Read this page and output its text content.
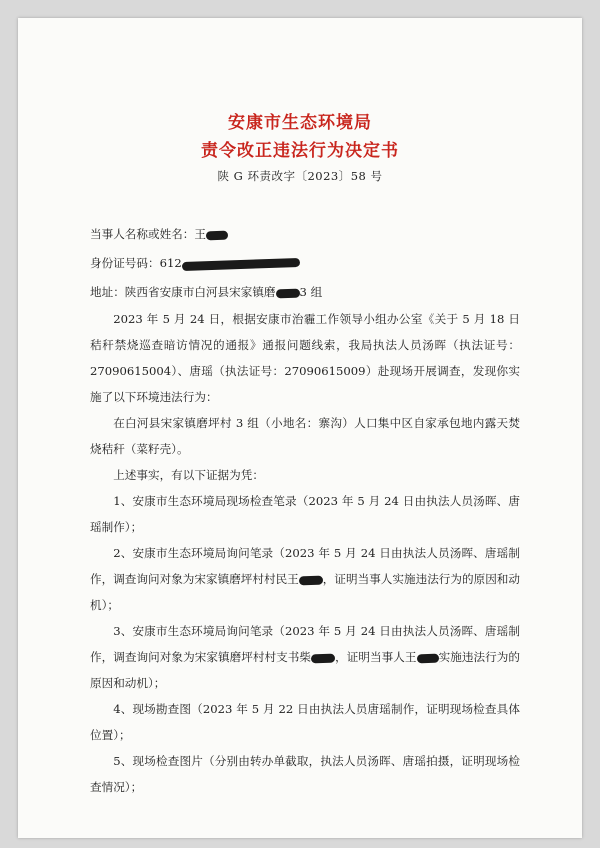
安康市生态环境局
责令改正违法行为决定书
陕 G 环责改字〔2023〕58 号
当事人名称或姓名：王
身份证号码：612
地址：陕西省安康市白河县宋家镇磨 3 组
2023 年 5 月 24 日，根据安康市治霾工作领导小组办公室《关于 5 月 18 日秸秆禁烧巡查暗访情况的通报》通报问题线索，我局执法人员汤晖（执法证号：27090615004）、唐瑶（执法证号：27090615009）赴现场开展调查，发现你实施了以下环境违法行为：
在白河县宋家镇磨坪村 3 组（小地名：寨沟）人口集中区自家承包地内露天焚烧秸秆（菜籽壳）。
上述事实，有以下证据为凭：
1、安康市生态环境局现场检查笔录（2023 年 5 月 24 日由执法人员汤晖、唐瑶制作）；
2、安康市生态环境局询问笔录（2023 年 5 月 24 日由执法人员汤晖、唐瑶制作，调查询问对象为宋家镇磨坪村村民王 ，证明当事人实施违法行为的原因和动机）；
3、安康市生态环境局询问笔录（2023 年 5 月 24 日由执法人员汤晖、唐瑶制作，调查询问对象为宋家镇磨坪村村支书柴 ，证明当事人王 实施违法行为的原因和动机）；
4、现场勘查图（2023 年 5 月 22 日由执法人员唐瑶制作，证明现场检查具体位置）；
5、现场检查图片（分别由转办单截取，执法人员汤晖、唐瑶拍摄，证明现场检查情况）；
